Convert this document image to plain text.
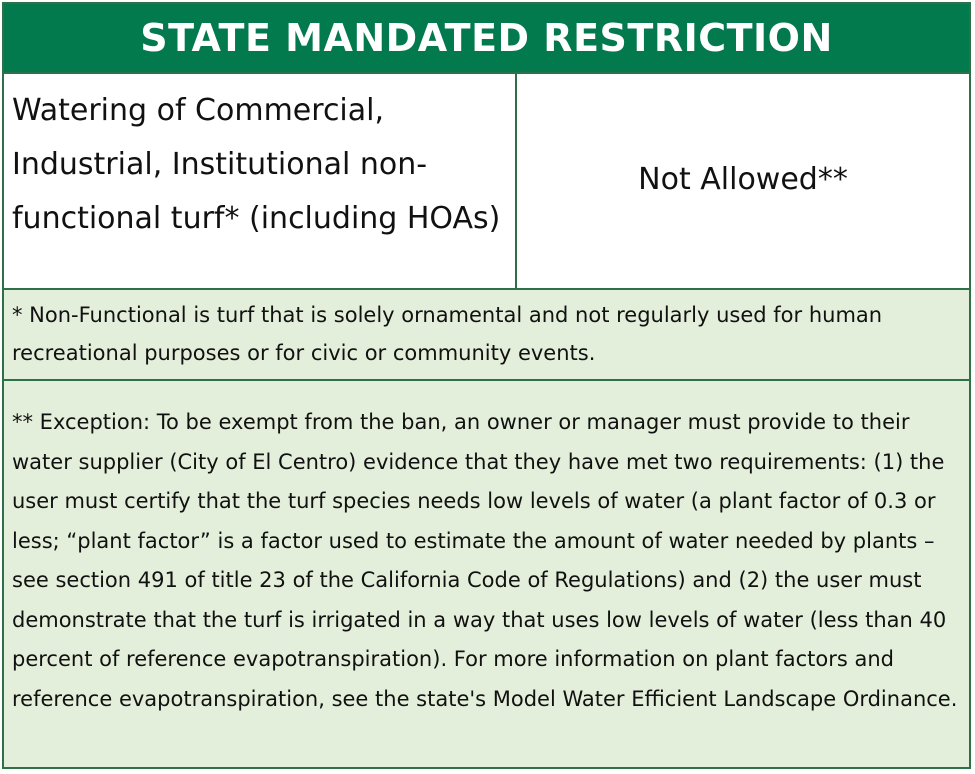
STATE MANDATED RESTRICTION
Watering of Commercial, Industrial, Institutional non-functional turf* (including HOAs)
Not Allowed**
* Non-Functional is turf that is solely ornamental and not regularly used for human recreational purposes or for civic or community events.
** Exception: To be exempt from the ban, an owner or manager must provide to their water supplier (City of El Centro) evidence that they have met two requirements: (1) the user must certify that the turf species needs low levels of water (a plant factor of 0.3 or less; “plant factor” is a factor used to estimate the amount of water needed by plants – see section 491 of title 23 of the California Code of Regulations) and (2) the user must demonstrate that the turf is irrigated in a way that uses low levels of water (less than 40 percent of reference evapotranspiration). For more information on plant factors and reference evapotranspiration, see the state's Model Water Efficient Landscape Ordinance.
